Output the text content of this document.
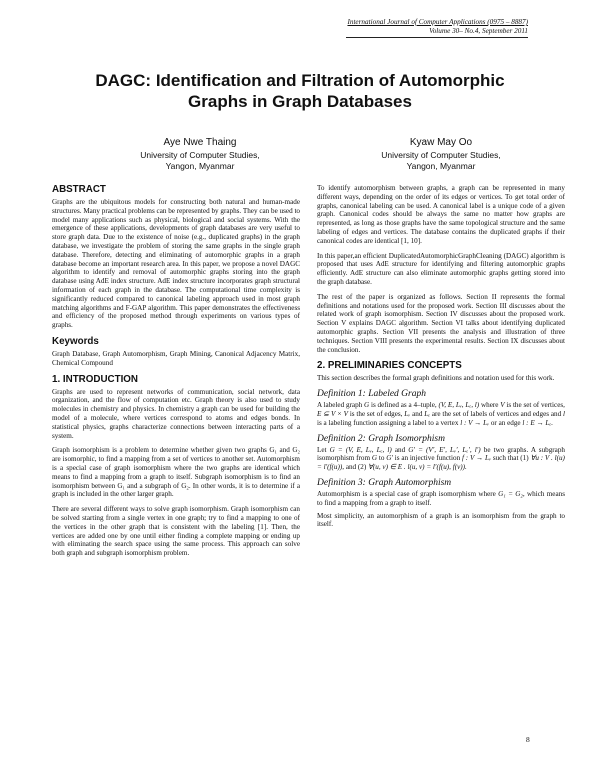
International Journal of Computer Applications (0975 – 8887)
Volume 30– No.4, September 2011
DAGC: Identification and Filtration of Automorphic
Graphs in Graph Databases
Aye Nwe Thaing
University of Computer Studies,
Yangon, Myanmar
Kyaw May Oo
University of Computer Studies,
Yangon, Myanmar
ABSTRACT

Graphs are the ubiquitous models for constructing both natural and human-made structures. Many practical problems can be represented by graphs. They can be used to model many applications such as physical, biological and social systems. With the emergence of these applications, developments of graph databases are very useful to store graph data. Due to the existence of noise (e.g., duplicated graphs) in the graph database, we investigate the problem of storing the same graphs in the single graph database. Therefore, detecting and eliminating of automorphic graphs in a graph database become an important research area. In this paper, we propose a novel DAGC algorithm to identify and removal of automorphic graphs storing into the graph database using AdE index structure. AdE index structure incorporates graph structural information of each graph in the database. The computational time complexity is significantly reduced compared to canonical labeling approach used in most graph matching algorithms and F-GAP algorithm. This paper demonstrates the effectiveness and efficiency of the proposed method through experiments on various types of graphs.

Keywords

Graph Database, Graph Automorphism, Graph Mining, Canonical Adjacency Matrix, Chemical Compound

1. INTRODUCTION

Graphs are used to represent networks of communication, social network, data organization, and the flow of computation etc. Graph theory is also used to study molecules in chemistry and physics. In chemistry a graph can be used for building the model of a molecule, where vertices correspond to atoms and edges bonds. In statistical physics, graphs characterize connections between interacting parts of a system.

Graph isomorphism is a problem to determine whether given two graphs G₁ and G₂ are isomorphic, to find a mapping from a set of vertices to another set. Automorphism is a special case of graph isomorphism where the two graphs are identical which means to find a mapping from a graph to itself. Subgraph isomorphism is to find an isomorphism between G₁ and a subgraph of G₂. In other words, it is to determine if a graph is included in the other larger graph.

There are several different ways to solve graph isomorphism. Graph isomorphism can be solved starting from a single vertex in one graph; try to find a mapping to one of the vertices in the other graph that is consistent with the labeling [1]. Then, the vertices are added one by one until either finding a complete mapping or ending up with eliminating the search space using the same process. This approach can solve both graph and subgraph isomorphism problem.

To identify automorphism between graphs, a graph can be represented in many different ways, depending on the order of its edges or vertices. To get total order of graphs, canonical labeling can be used. A canonical label is a unique code of a given graph. Canonical codes should be always the same no matter how graphs are represented, as long as those graphs have the same topological structure and the same labeling of edges and vertices. The database contains the duplicated graphs if their canonical codes are identical [1, 10].

In this paper,an efficient DuplicatedAutomorphicGraphCleaning (DAGC) algorithm is proposed that uses AdE structure for identifying and filtering automorphic graphs efficiently. AdE structure can also eliminate automorphic graphs getting stored into the graph database.

The rest of the paper is organized as follows. Section II represents the formal definitions and notations used for the proposed work. Section III discusses about the related work of graph isomorphism. Section IV discusses about the proposed work. Section V explains DAGC algorithm. Section VI talks about identifying duplicated automorphic graphs. Section VII presents the analysis and illustration of three techniques. Section VIII presents the experimental results. Section IX discusses about the conclusion.

2. PRELIMINARIES CONCEPTS

This section describes the formal graph definitions and notation used for this work.

Definition 1: Labeled Graph

A labeled graph G is defined as a 4–tuple, (V, E, Lᵥ, Lₑ, l) where V is the set of vertices, E ⊆ V × V is the set of edges, Lᵥ and Lₑ are the set of labels of vertices and edges and l is a labeling function assigning a label to a vertex l : V → Lᵥ or an edge l : E → Lₑ.

Definition 2: Graph Isomorphism

Let G = (V, E, Lᵥ, Lₑ, l) and G′ = (V′, E′, Lᵥ′, Lₑ′, l′) be two graphs. A subgraph isomorphism from G to G′ is an injective function f : V → Lᵥ such that (1) ∀u : V . l(u) = l′(f(u)), and (2) ∀(u, v) ∈ E . l(u, v) = l′(f(u), f(v)).

Definition 3: Graph Automorphism

Automorphism is a special case of graph isomorphism where G₁ = G₂, which means to find a mapping from a graph to itself.

Most simplicity, an automorphism of a graph is an isomorphism from the graph to itself.

8
